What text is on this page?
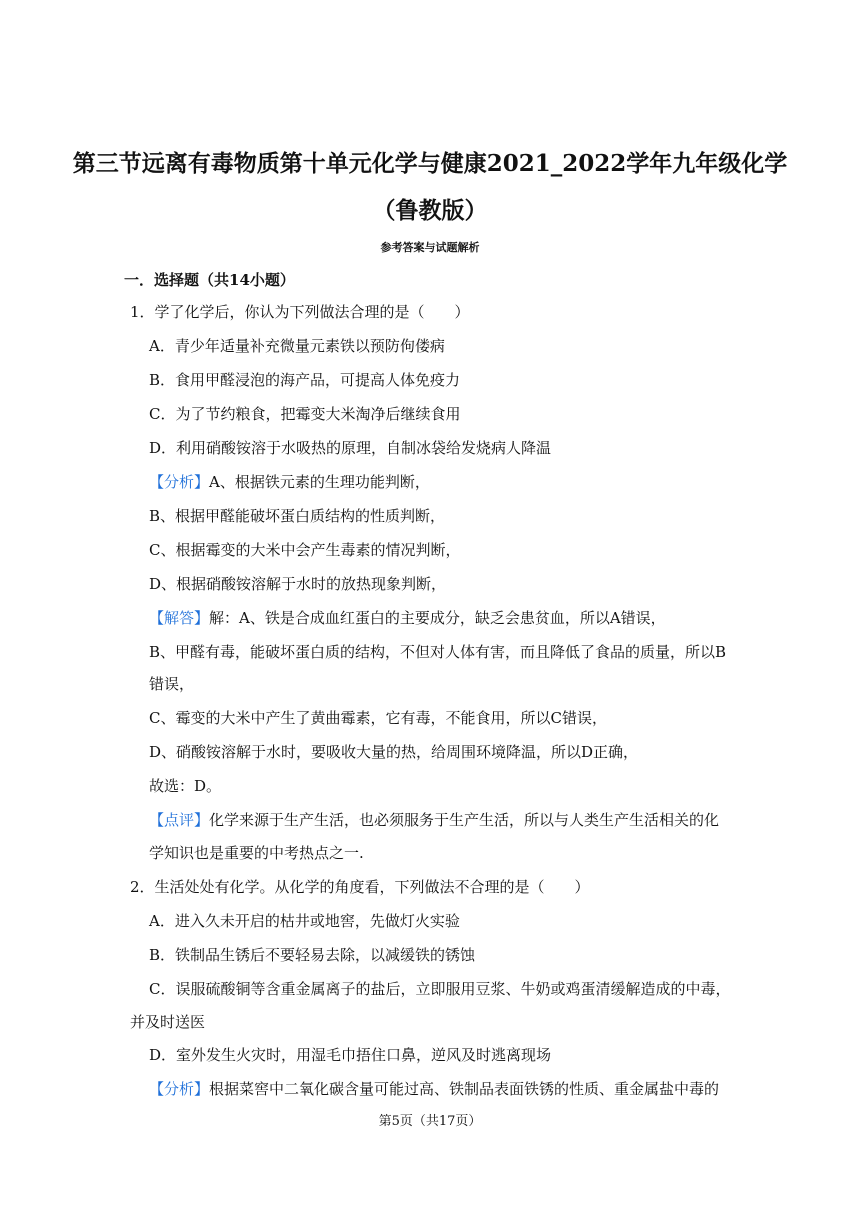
第三节远离有毒物质第十单元化学与健康2021_2022学年九年级化学（鲁教版）
参考答案与试题解析
一．选择题（共14小题）
1．学了化学后，你认为下列做法合理的是（　　）
A．青少年适量补充微量元素铁以预防佝偻病
B．食用甲醛浸泡的海产品，可提高人体免疫力
C．为了节约粮食，把霉变大米淘净后继续食用
D．利用硝酸铵溶于水吸热的原理，自制冰袋给发烧病人降温
【分析】A、根据铁元素的生理功能判断，
B、根据甲醛能破坏蛋白质结构的性质判断，
C、根据霉变的大米中会产生毒素的情况判断，
D、根据硝酸铵溶解于水时的放热现象判断，
【解答】解：A、铁是合成血红蛋白的主要成分，缺乏会患贫血，所以A错误，
B、甲醛有毒，能破坏蛋白质的结构，不但对人体有害，而且降低了食品的质量，所以B
错误，
C、霉变的大米中产生了黄曲霉素，它有毒，不能食用，所以C错误，
D、硝酸铵溶解于水时，要吸收大量的热，给周围环境降温，所以D正确，
故选：D。
【点评】化学来源于生产生活，也必须服务于生产生活，所以与人类生产生活相关的化
学知识也是重要的中考热点之一.
2．生活处处有化学。从化学的角度看，下列做法不合理的是（　　）
A．进入久未开启的枯井或地窖，先做灯火实验
B．铁制品生锈后不要轻易去除，以减缓铁的锈蚀
C．误服硫酸铜等含重金属离子的盐后，立即服用豆浆、牛奶或鸡蛋清缓解造成的中毒，
并及时送医
D．室外发生火灾时，用湿毛巾捂住口鼻，逆风及时逃离现场
【分析】根据菜窖中二氧化碳含量可能过高、铁制品表面铁锈的性质、重金属盐中毒的
第5页（共17页）
